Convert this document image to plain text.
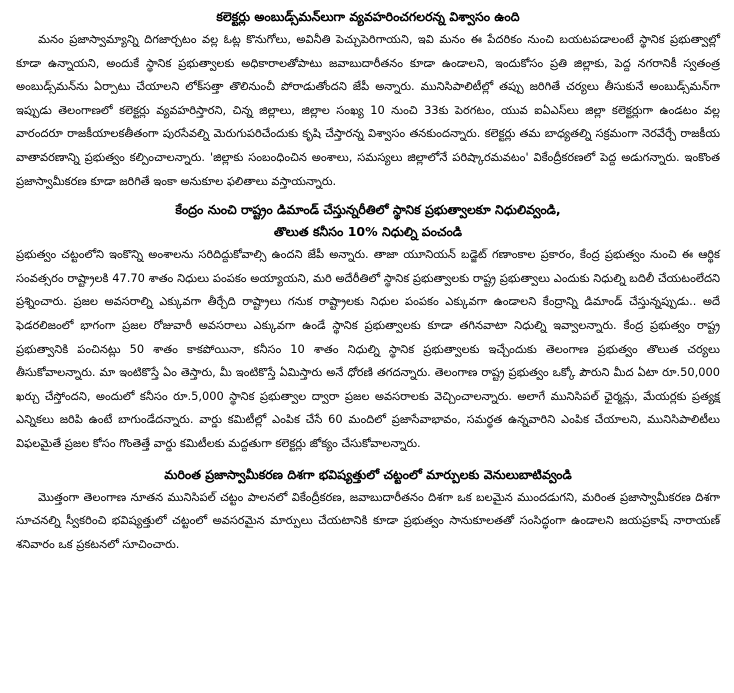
కలెక్టర్లు అంబుడ్స్‌మన్‌లుగా వ్యవహరించగలరన్న విశ్వాసం ఉంది

మనం ప్రజాస్వామ్యాన్ని దిగజార్చటం వల్ల ఓట్ల కొనుగోలు, అవినీతి పెచ్చుపెరిగాయని, ఇవి మనం ఈ పేదరికం నుంచి బయటపడాలంటే స్థానిక ప్రభుత్వాల్లో కూడా ఉన్నాయని, అందుకే స్థానిక ప్రభుత్వాలకు అధికారాలతోపాటు జవాబుదారీతనం కూడా ఉండాలని, ఇందుకోసం ప్రతి జిల్లాకు, పెద్ద నగరానికీ స్వతంత్ర అంబుడ్స్‌మన్‌ను ఏర్పాటు చేయాలని లోక్‌సత్తా తొలినుంచీ పోరాడుతోందని జేపీ అన్నారు. మునిసిపాలిటీల్లో తప్పు జరిగితే చర్యలు తీసుకునే అంబుడ్స్‌మన్‌గా ఇప్పుడు తెలంగాణలో కలెక్టర్లు వ్యవహరిస్తారని, చిన్న జిల్లాలు, జిల్లాల సంఖ్య 10 నుంచి 33కు పెరగటం, యువ ఐఏఎస్‌లు జిల్లా కలెక్టర్లుగా ఉండటం వల్ల వారందరూ రాజకీయాలకతీతంగా పురసేవల్ని మెరుగుపరిచేందుకు కృషి చేస్తారన్న విశ్వాసం తనకుందన్నారు. కలెక్టర్లు తమ బాధ్యతల్ని సక్రమంగా నెరవేర్చే రాజకీయ వాతావరణాన్ని ప్రభుత్వం కల్పించాలన్నారు. 'జిల్లాకు సంబంధించిన అంశాలు, సమస్యలు జిల్లాలోనే పరిష్కారమవటం' వికేంద్రీకరణలో పెద్ద అడుగన్నారు. ఇంకొంత ప్రజాస్వామీకరణ కూడా జరిగితే ఇంకా అనుకూల ఫలితాలు వస్తాయన్నారు.

కేంద్రం నుంచి రాష్ట్రం డిమాండ్ చేస్తున్నరీతిలో స్థానిక ప్రభుత్వాలకూ నిధులివ్వండి,
తొలుత కనీసం 10% నిధుల్ని పంచండి

ప్రభుత్వం చట్టంలోని ఇంకొన్ని అంశాలను సరిదిద్దుకోవాల్సి ఉందని జేపీ అన్నారు. తాజా యూనియన్ బడ్జెట్ గణాంకాల ప్రకారం, కేంద్ర ప్రభుత్వం నుంచి ఈ ఆర్థిక సంవత్సరం రాష్ట్రాలకి 47.70 శాతం నిధులు పంపకం అయ్యాయని, మరి అదేరీతిలో స్థానిక ప్రభుత్వాలకు రాష్ట్ర ప్రభుత్వాలు ఎందుకు నిధుల్ని బదిలీ చేయటంలేదని ప్రశ్నించారు. ప్రజల అవసరాల్ని ఎక్కువగా తీర్చేది రాష్ట్రాలు గనుక రాష్ట్రాలకు నిధుల పంపకం ఎక్కువగా ఉండాలని కేంద్రాన్ని డిమాండ్ చేస్తున్నప్పుడు.. అదే ఫెడరలిజంలో భాగంగా ప్రజల రోజువారీ అవసరాలు ఎక్కువగా ఉండే స్థానిక ప్రభుత్వాలకు కూడా తగినవాటా నిధుల్ని ఇవ్వాలన్నారు. కేంద్ర ప్రభుత్వం రాష్ట్ర ప్రభుత్వానికి పంచినట్లు 50 శాతం కాకపోయినా, కనీసం 10 శాతం నిధుల్ని స్థానిక ప్రభుత్వాలకు ఇచ్చేందుకు తెలంగాణ ప్రభుత్వం తొలుత చర్యలు తీసుకోవాలన్నారు. మా ఇంటికొస్తే ఏం తెస్తారు, మీ ఇంటికొస్తే ఏమిస్తారు అనే ధోరణి తగదన్నారు. తెలంగాణ రాష్ట్ర ప్రభుత్వం ఒక్కో పౌరుని మీద ఏటా రూ.50,000 ఖర్చు చేస్తోందని, అందులో కనీసం రూ.5,000 స్థానిక ప్రభుత్వాల ద్వారా ప్రజల అవసరాలకు వెచ్చించాలన్నారు. అలాగే మునిసిపల్ ఛైర్మన్లు, మేయర్లకు ప్రత్యక్ష ఎన్నికలు జరిపి ఉంటే బాగుండేదన్నారు. వార్డు కమిటీల్లో ఎంపిక చేసే 60 మందిలో ప్రజాసేవాభావం, సమర్థత ఉన్నవారిని ఎంపిక చేయాలని, మునిసిపాలిటీలు విఫలమైతే ప్రజల కోసం గొంతెత్తే వార్డు కమిటీలకు మద్దతుగా కలెక్టర్లు జోక్యం చేసుకోవాలన్నారు.

మరింత ప్రజాస్వామీకరణ దిశగా భవిష్యత్తులో చట్టంలో మార్పులకు వెనులుబాటివ్వండి

మొత్తంగా తెలంగాణ నూతన మునిసిపల్ చట్టం పాలనలో వికేంద్రీకరణ, జవాబుదారీతనం దిశగా ఒక బలమైన ముందడుగని, మరింత ప్రజాస్వామీకరణ దిశగా సూచనల్ని స్వీకరించి భవిష్యత్తులో చట్టంలో అవసరమైన మార్పులు చేయటానికి కూడా ప్రభుత్వం సానుకూలతతో సంసిద్ధంగా ఉండాలని జయప్రకాష్ నారాయణ్ శనివారం ఒక ప్రకటనలో సూచించారు.
